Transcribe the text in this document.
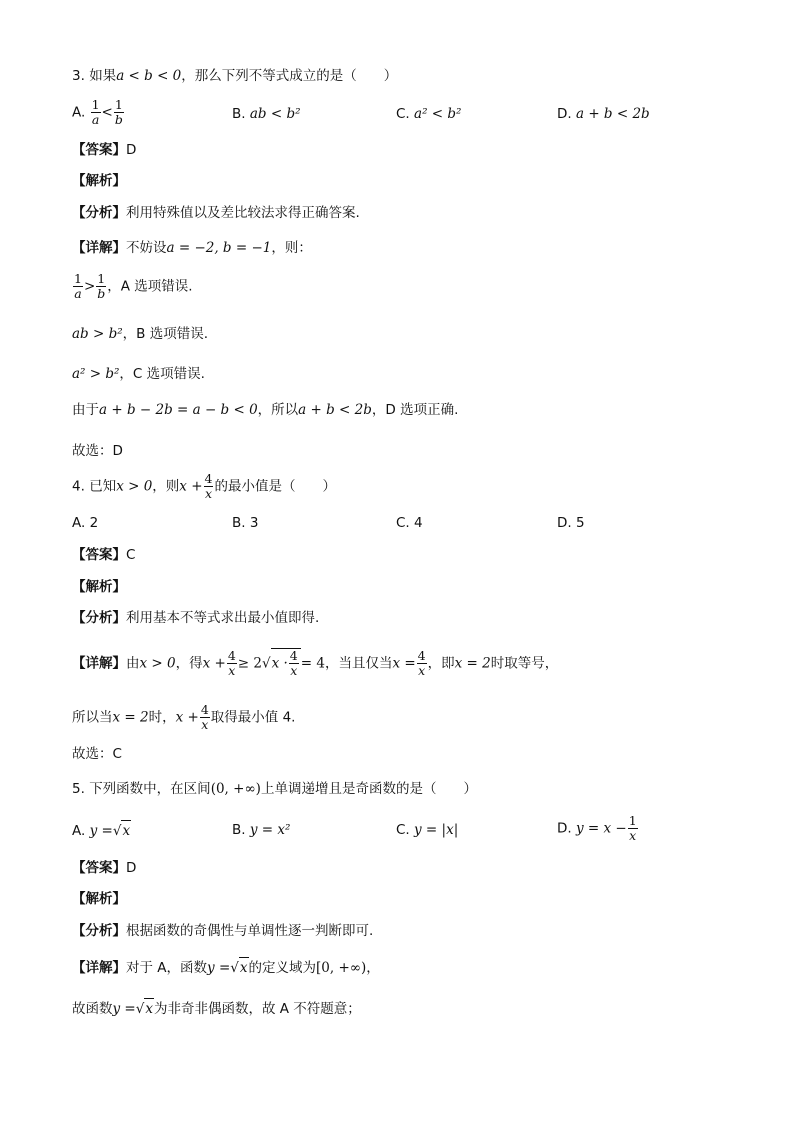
3. 如果a < b < 0，那么下列不等式成立的是（　　）
A. $\frac{1}{a} < \frac{1}{b}$	B. ab < b²	C. a² < b²	D. a + b < 2b
【答案】D
【解析】
【分析】利用特殊值以及差比较法求得正确答案.
【详解】不妨设a = −2, b = −1，则：
$\frac{1}{a} > \frac{1}{b}$ ，A 选项错误.
ab > b²，B 选项错误.
a² > b²，C 选项错误.
由于a + b − 2b = a − b < 0，所以a + b < 2b，D 选项正确.
故选：D
4. 已知x > 0，则$x + \frac{4}{x}$ 的最小值是（　　）
A. 2	B. 3	C. 4	D. 5
【答案】C
【解析】
【分析】利用基本不等式求出最小值即得.
【详解】由x > 0，得$x + \frac{4}{x} \ge 2√x \cdot \frac{4}{x} = 4$，当且仅当$x = \frac{4}{x}$ ，即x = 2时取等号，
所以当x = 2时，$x + \frac{4}{x}$ 取得最小值 4.
故选：C
5. 下列函数中，在区间(0, +∞)上单调递增且是奇函数的是（　　）
A. y =√x	B. y = x²	C. y = |x|	D. $y = x - \frac{1}{x}$
【答案】D
【解析】
【分析】根据函数的奇偶性与单调性逐一判断即可.
【详解】对于 A，函数y =√x的定义域为[0, +∞)，
故函数y =√x为非奇非偶函数，故 A 不符题意；
